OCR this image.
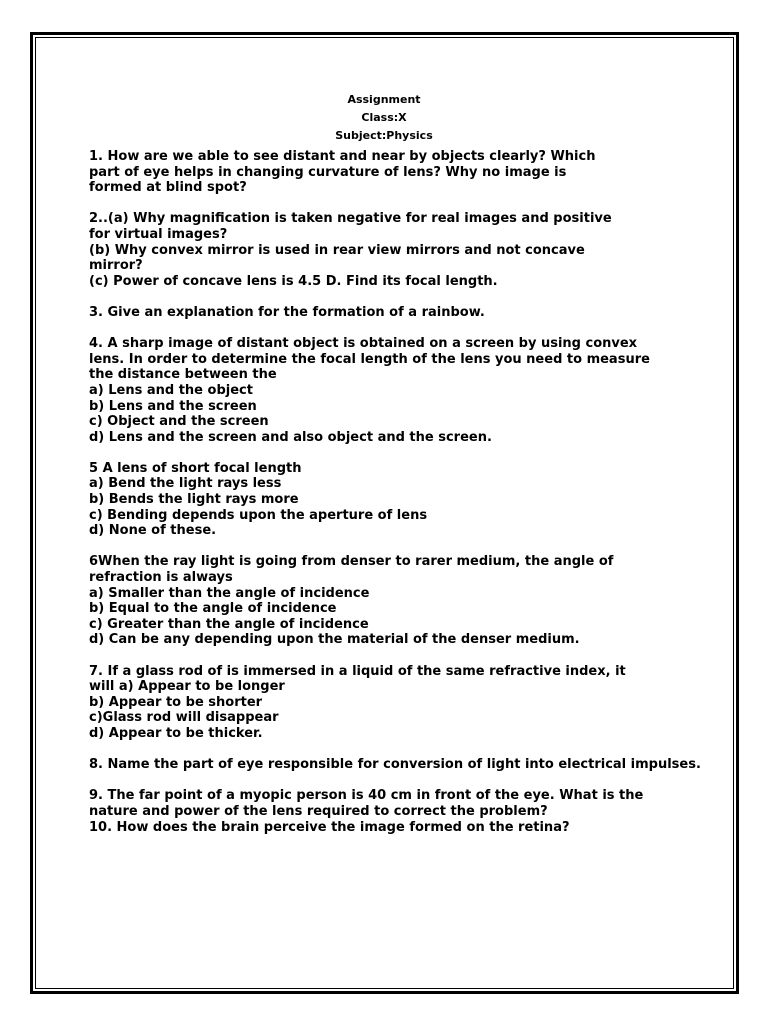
Assignment
Class:X
Subject:Physics
1. How are we able to see distant and near by objects clearly? Which
part of eye helps in changing curvature of lens? Why no image is
formed at blind spot?
2..(a) Why magnification is taken negative for real images and positive
for virtual images?
(b) Why convex mirror is used in rear view mirrors and not concave
mirror?
(c) Power of concave lens is 4.5 D. Find its focal length.
3. Give an explanation for the formation of a rainbow.
4. A sharp image of distant object is obtained on a screen by using convex
lens. In order to determine the focal length of the lens you need to measure
the distance between the
a) Lens and the object
b) Lens and the screen
c) Object and the screen
d) Lens and the screen and also object and the screen.
5 A lens of short focal length
a) Bend the light rays less
b) Bends the light rays more
c) Bending depends upon the aperture of lens
d) None of these.
6When the ray light is going from denser to rarer medium, the angle of
refraction is always
a) Smaller than the angle of incidence
b) Equal to the angle of incidence
c) Greater than the angle of incidence
d) Can be any depending upon the material of the denser medium.
7. If a glass rod of is immersed in a liquid of the same refractive index, it
will a) Appear to be longer
b) Appear to be shorter
c)Glass rod will disappear
d) Appear to be thicker.
8. Name the part of eye responsible for conversion of light into electrical impulses.
9. The far point of a myopic person is 40 cm in front of the eye. What is the
nature and power of the lens required to correct the problem?
10. How does the brain perceive the image formed on the retina?
